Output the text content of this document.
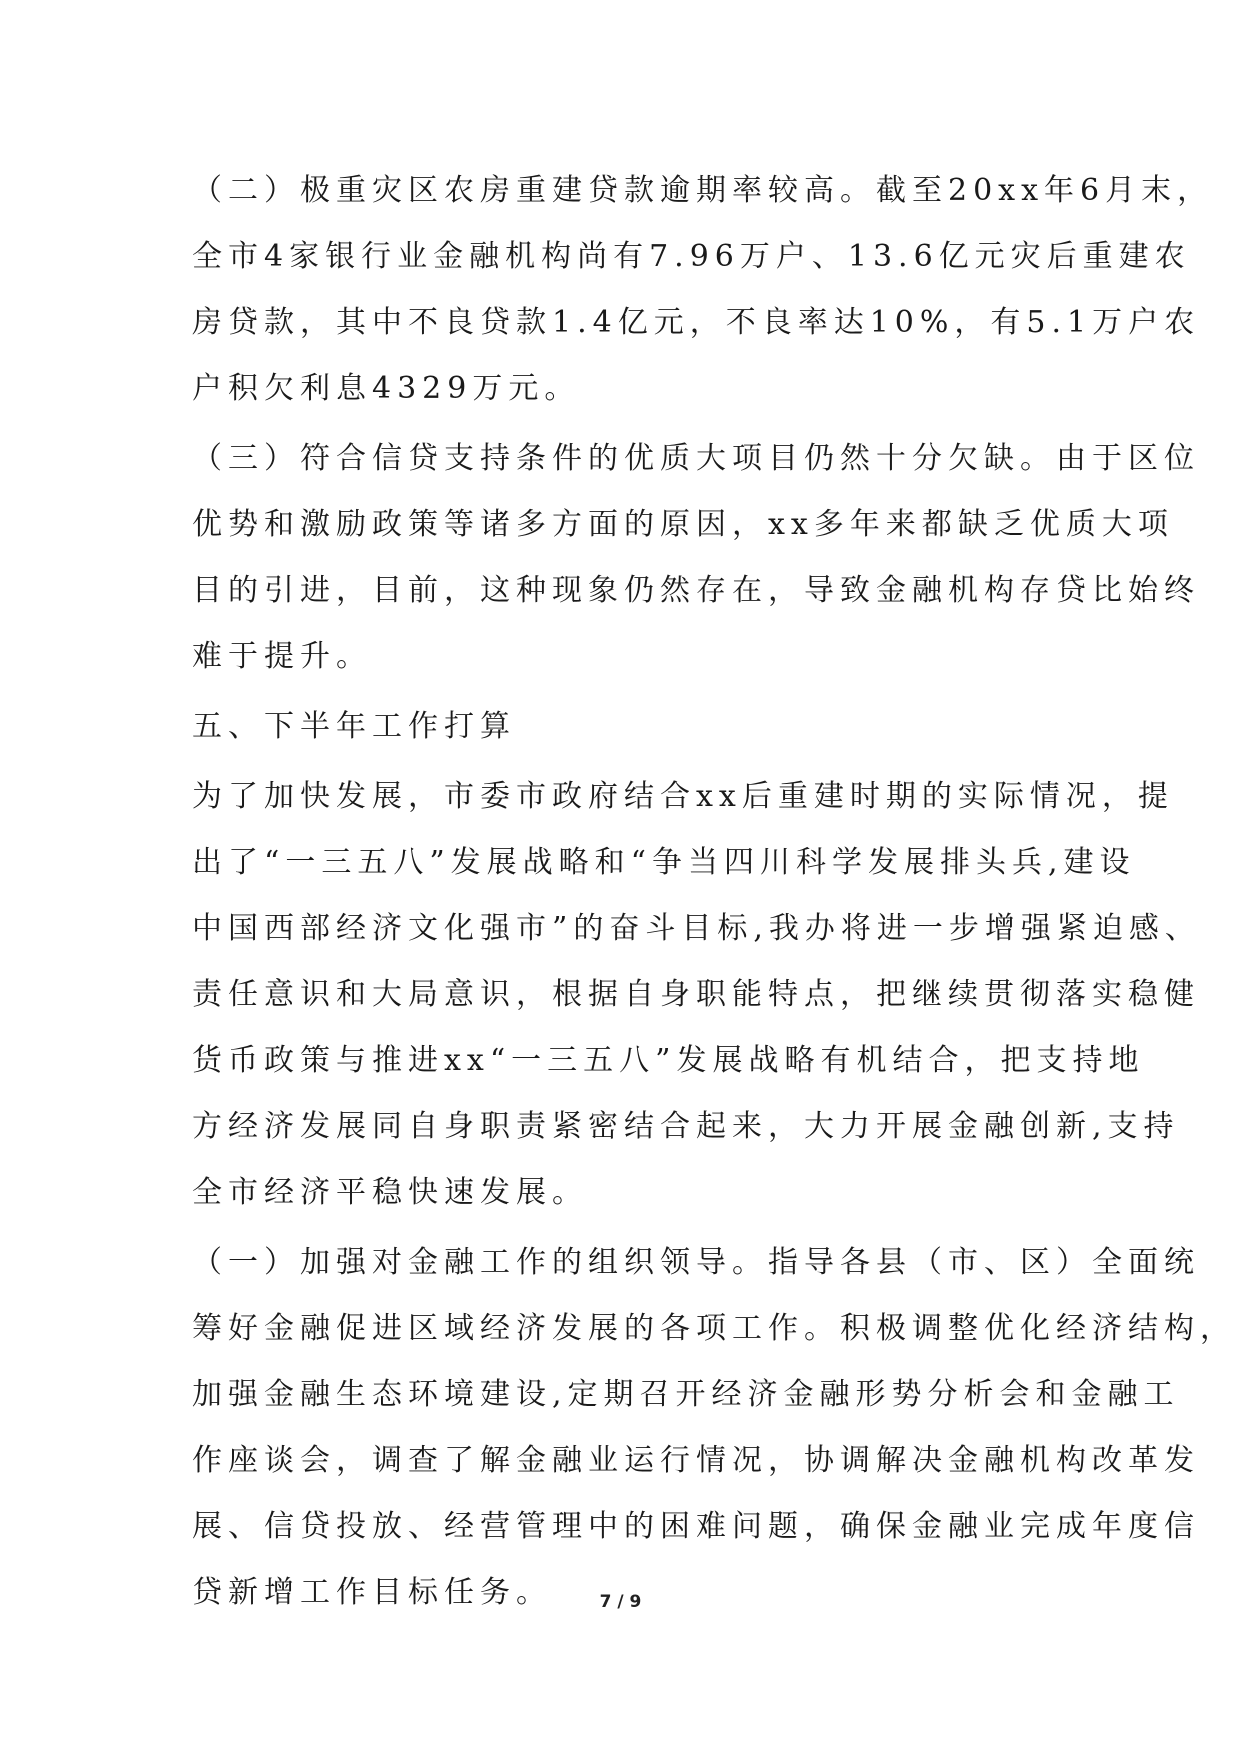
（二）极重灾区农房重建贷款逾期率较高。截至20xx年6月末，
全市4家银行业金融机构尚有7.96万户、13.6亿元灾后重建农
房贷款，其中不良贷款1.4亿元，不良率达10%，有5.1万户农
户积欠利息4329万元。
（三）符合信贷支持条件的优质大项目仍然十分欠缺。由于区位
优势和激励政策等诸多方面的原因，xx多年来都缺乏优质大项
目的引进，目前，这种现象仍然存在，导致金融机构存贷比始终
难于提升。
五、下半年工作打算
为了加快发展，市委市政府结合xx后重建时期的实际情况，提
出了“一三五八”发展战略和“争当四川科学发展排头兵,建设
中国西部经济文化强市”的奋斗目标,我办将进一步增强紧迫感、
责任意识和大局意识，根据自身职能特点，把继续贯彻落实稳健
货币政策与推进xx“一三五八”发展战略有机结合，把支持地
方经济发展同自身职责紧密结合起来，大力开展金融创新,支持
全市经济平稳快速发展。
（一）加强对金融工作的组织领导。指导各县（市、区）全面统
筹好金融促进区域经济发展的各项工作。积极调整优化经济结构，
加强金融生态环境建设,定期召开经济金融形势分析会和金融工
作座谈会，调查了解金融业运行情况，协调解决金融机构改革发
展、信贷投放、经营管理中的困难问题，确保金融业完成年度信
贷新增工作目标任务。	7 / 9
